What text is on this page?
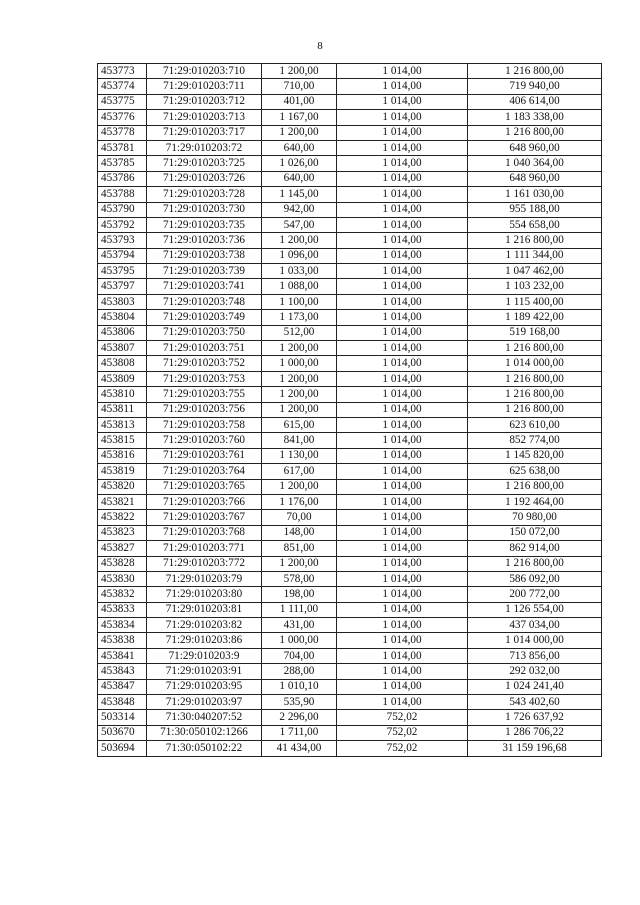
8
453773	71:29:010203:710	1 200,00	1 014,00	1 216 800,00
453774	71:29:010203:711	710,00	1 014,00	719 940,00
453775	71:29:010203:712	401,00	1 014,00	406 614,00
453776	71:29:010203:713	1 167,00	1 014,00	1 183 338,00
453778	71:29:010203:717	1 200,00	1 014,00	1 216 800,00
453781	71:29:010203:72	640,00	1 014,00	648 960,00
453785	71:29:010203:725	1 026,00	1 014,00	1 040 364,00
453786	71:29:010203:726	640,00	1 014,00	648 960,00
453788	71:29:010203:728	1 145,00	1 014,00	1 161 030,00
453790	71:29:010203:730	942,00	1 014,00	955 188,00
453792	71:29:010203:735	547,00	1 014,00	554 658,00
453793	71:29:010203:736	1 200,00	1 014,00	1 216 800,00
453794	71:29:010203:738	1 096,00	1 014,00	1 111 344,00
453795	71:29:010203:739	1 033,00	1 014,00	1 047 462,00
453797	71:29:010203:741	1 088,00	1 014,00	1 103 232,00
453803	71:29:010203:748	1 100,00	1 014,00	1 115 400,00
453804	71:29:010203:749	1 173,00	1 014,00	1 189 422,00
453806	71:29:010203:750	512,00	1 014,00	519 168,00
453807	71:29:010203:751	1 200,00	1 014,00	1 216 800,00
453808	71:29:010203:752	1 000,00	1 014,00	1 014 000,00
453809	71:29:010203:753	1 200,00	1 014,00	1 216 800,00
453810	71:29:010203:755	1 200,00	1 014,00	1 216 800,00
453811	71:29:010203:756	1 200,00	1 014,00	1 216 800,00
453813	71:29:010203:758	615,00	1 014,00	623 610,00
453815	71:29:010203:760	841,00	1 014,00	852 774,00
453816	71:29:010203:761	1 130,00	1 014,00	1 145 820,00
453819	71:29:010203:764	617,00	1 014,00	625 638,00
453820	71:29:010203:765	1 200,00	1 014,00	1 216 800,00
453821	71:29:010203:766	1 176,00	1 014,00	1 192 464,00
453822	71:29:010203:767	70,00	1 014,00	70 980,00
453823	71:29:010203:768	148,00	1 014,00	150 072,00
453827	71:29:010203:771	851,00	1 014,00	862 914,00
453828	71:29:010203:772	1 200,00	1 014,00	1 216 800,00
453830	71:29:010203:79	578,00	1 014,00	586 092,00
453832	71:29:010203:80	198,00	1 014,00	200 772,00
453833	71:29:010203:81	1 111,00	1 014,00	1 126 554,00
453834	71:29:010203:82	431,00	1 014,00	437 034,00
453838	71:29:010203:86	1 000,00	1 014,00	1 014 000,00
453841	71:29:010203:9	704,00	1 014,00	713 856,00
453843	71:29:010203:91	288,00	1 014,00	292 032,00
453847	71:29:010203:95	1 010,10	1 014,00	1 024 241,40
453848	71:29:010203:97	535,90	1 014,00	543 402,60
503314	71:30:040207:52	2 296,00	752,02	1 726 637,92
503670	71:30:050102:1266	1 711,00	752,02	1 286 706,22
503694	71:30:050102:22	41 434,00	752,02	31 159 196,68
